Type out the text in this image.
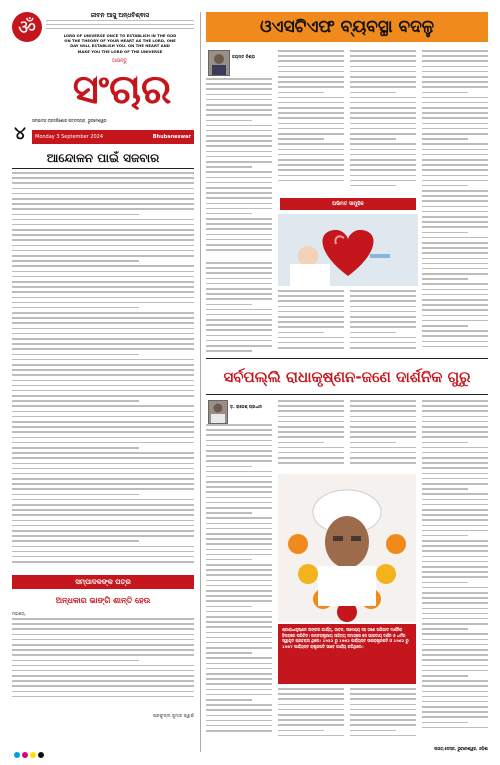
ॐ	ଜୀବନ ଆସୁ ଅନ୍ଧବିଶ୍ଵାସ
LORD OF UNIVERSE ONCE TO ESTABLISH IN THE GOD
ON THE THEORY OF YOUR HEART AS THE LORD, ONE
DAY WILL ESTABLISH YOU. ON THE HEART AND
MAKE YOU THE LORD OF THE UNIVERSE
ଆସନ୍ତୁ
ସଂଚାର
୪
ସମ୍ପାଦକ ବ୍ରଜକିଶୋର ପଟ୍ଟନାୟକ, ଭୁବନେଶ୍ୱର
Monday 3 September 2024	Bhubaneswar
ଆନ୍ଦୋଳନ ପାଇଁ ସଜବାର
ସମ୍ପାଦକଙ୍କ ପତ୍ର
ଅନ୍ଧକାର ଭାଙ୍ଗି ଶାନ୍ତି ହେଉ
ମହାଶୟ,
ପ୍ରଫୁଲ୍ଲ କୁମାର ସ୍ୱାଇଁ
ଓଏସଟିଏଫ ବ୍ୟବସ୍ଥା ବଦଳୁ
ଜୟନ୍ତ ନିଶ୍ରା
ଅଭିମତ ସାମୁହିକ
ସର୍ବପଲ୍ଲି ରାଧାକୃଷ୍ଣନ-ଜଣେ ଦାର୍ଶନିକ ଗୁରୁ
ଡ଼. ରାଜେଶ୍ ପ୍ରଧାନ
ଶ୍ରୀରାଧାକୃଷ୍ଣନ ତାଙ୍କର କାର୍ଯ୍ୟ, ଜୀବନ, ଉଦ୍ଦେଶ୍ୟ ସହ ଜଣେ ଅଭିଜାତ ଦାର୍ଶନିକ ହିସାବରେ ପରିଚିତ। ଅନ୍ତରାଷ୍ଟ୍ରୀୟ ସାହିତ୍ୟ ସମାଜରେ ସେ ଭାରତୀୟ ଦର୍ଶନ ଓ ଧର୍ମର ସ୍ୱୀକୃତ ପ୍ରବକ୍ତା ଥିଲେ। 1952 ରୁ 1962 ପର୍ଯ୍ୟନ୍ତ ଉପରାଷ୍ଟ୍ରପତି ଓ 1962 ରୁ 1967 ପର୍ଯ୍ୟନ୍ତ ରାଷ୍ଟ୍ରପତି ଭାବେ କାର୍ଯ୍ୟ କରିଥିଲେ।
ଉଭୟ ଡେସ୍କ, ଭୁବନେଶ୍ୱର, ଓଡ଼ିଶା
